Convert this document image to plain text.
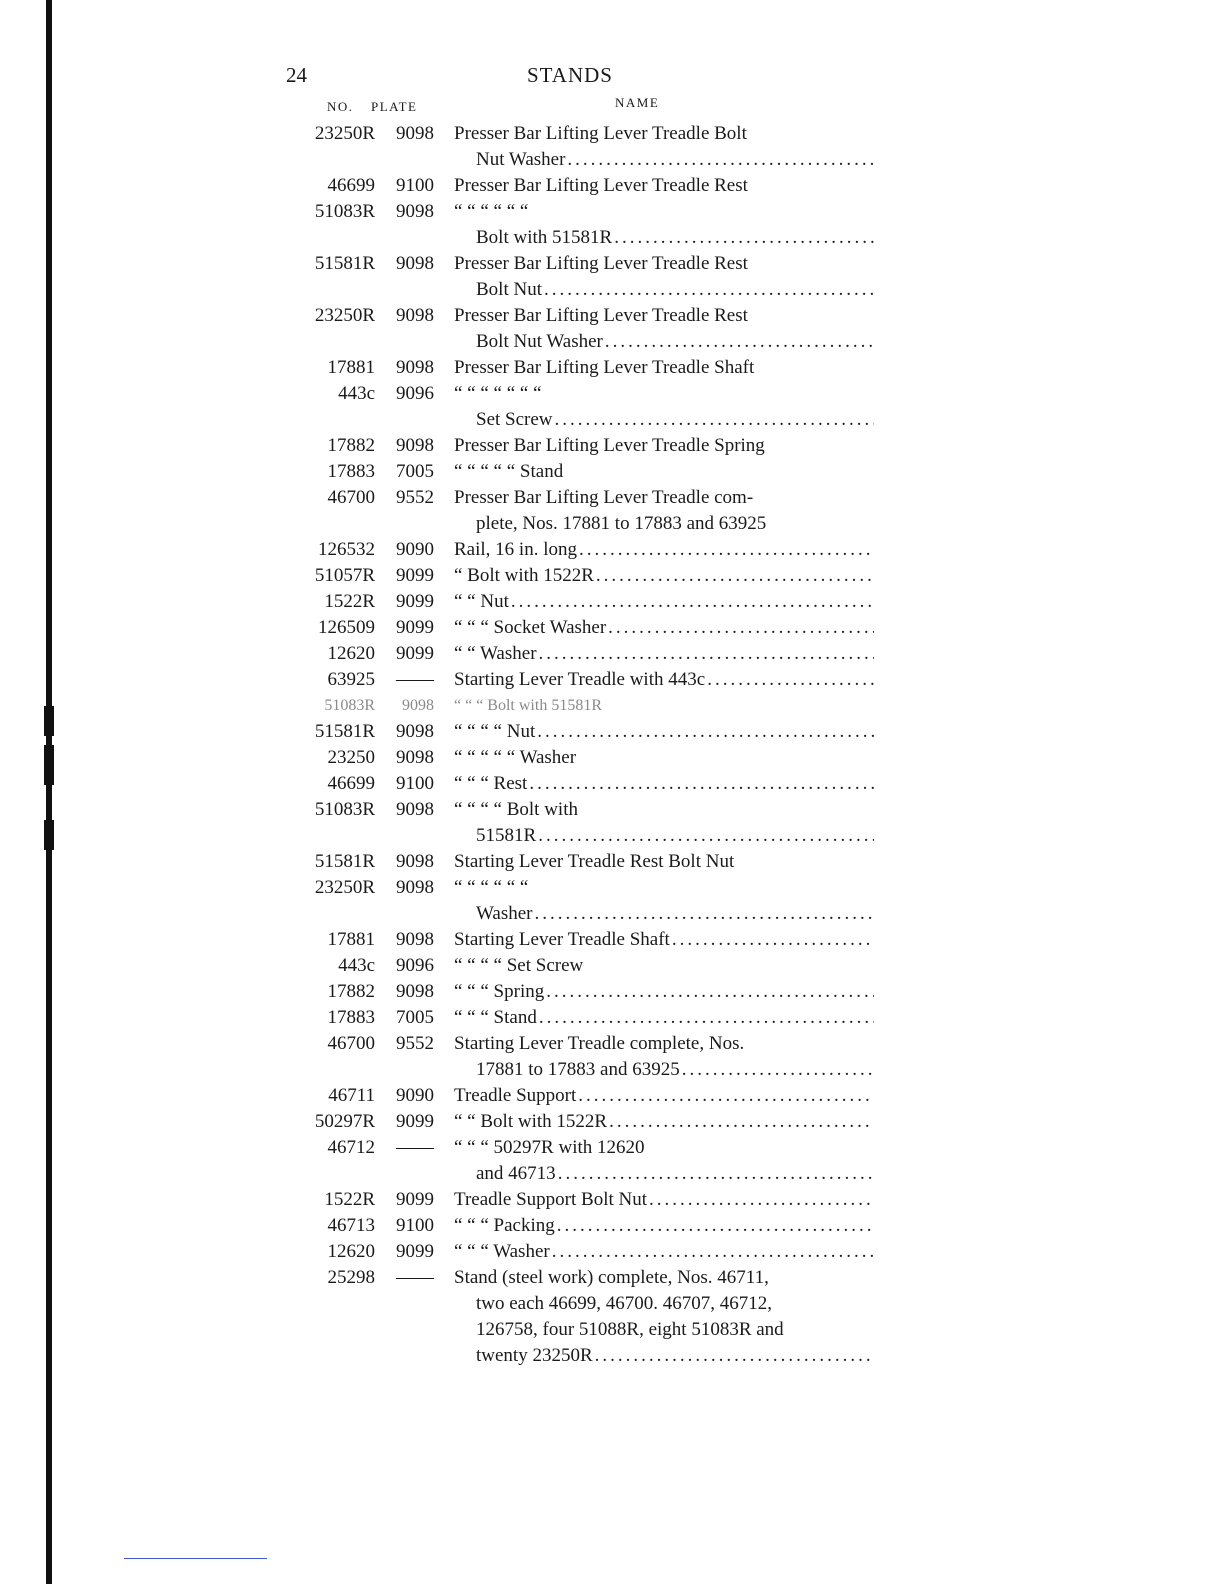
24	STANDS
NO. PLATE	NAME
23250R	9098 Presser Bar Lifting Lever Treadle Bolt
Nut Washer
.....
46699	9100 Presser Bar Lifting Lever Treadle Rest
51083R	9098 “ “ “ “ “ “
Bolt with 51581R
.....
51581R	9098 Presser Bar Lifting Lever Treadle Rest
Bolt Nut
.....
23250R	9098 Presser Bar Lifting Lever Treadle Rest
Bolt Nut Washer
.....
17881	9098 Presser Bar Lifting Lever Treadle Shaft
443c	9096 “ “ “ “ “ “ “
Set Screw
.....
17882	9098 Presser Bar Lifting Lever Treadle Spring
17883	7005 “ “ “ “ “ Stand
46700	9552 Presser Bar Lifting Lever Treadle com-
plete, Nos. 17881 to 17883 and 63925
126532	9090 Rail, 16 in. long
.....
51057R	9099 “ Bolt with 1522R
.....
1522R	9099 “ “ Nut
.....
126509	9099 “ “ “ Socket Washer
.....
12620	9099 “ “ Washer
.....
63925	—— Starting Lever Treadle with 443c
.....
51083R	9098 “ “ “ Bolt with 51581R
51581R	9098 “ “ “ “ Nut
.....
23250	9098 “ “ “ “ “ Washer
46699	9100 “ “ “ Rest
.....
51083R	9098 “ “ “ “ Bolt with
51581R
.....
51581R	9098 Starting Lever Treadle Rest Bolt Nut
23250R	9098 “ “ “ “ “ “
Washer
.....
17881	9098 Starting Lever Treadle Shaft
.....
443c	9096 “ “ “ “ Set Screw
17882	9098 “ “ “ Spring
.....
17883	7005 “ “ “ Stand
.....
46700	9552 Starting Lever Treadle complete, Nos.
17881 to 17883 and 63925
.....
46711	9090 Treadle Support
.....
50297R	9099 “ “ Bolt with 1522R
.....
46712	—— “ “ “ 50297R with 12620
and 46713
.....
1522R	9099 Treadle Support Bolt Nut
.....
46713	9100 “ “ “ Packing
.....
12620	9099 “ “ “ Washer
.....
25298	—— Stand (steel work) complete, Nos. 46711,
two each 46699, 46700. 46707, 46712,
126758, four 51088R, eight 51083R and
twenty 23250R
.....
